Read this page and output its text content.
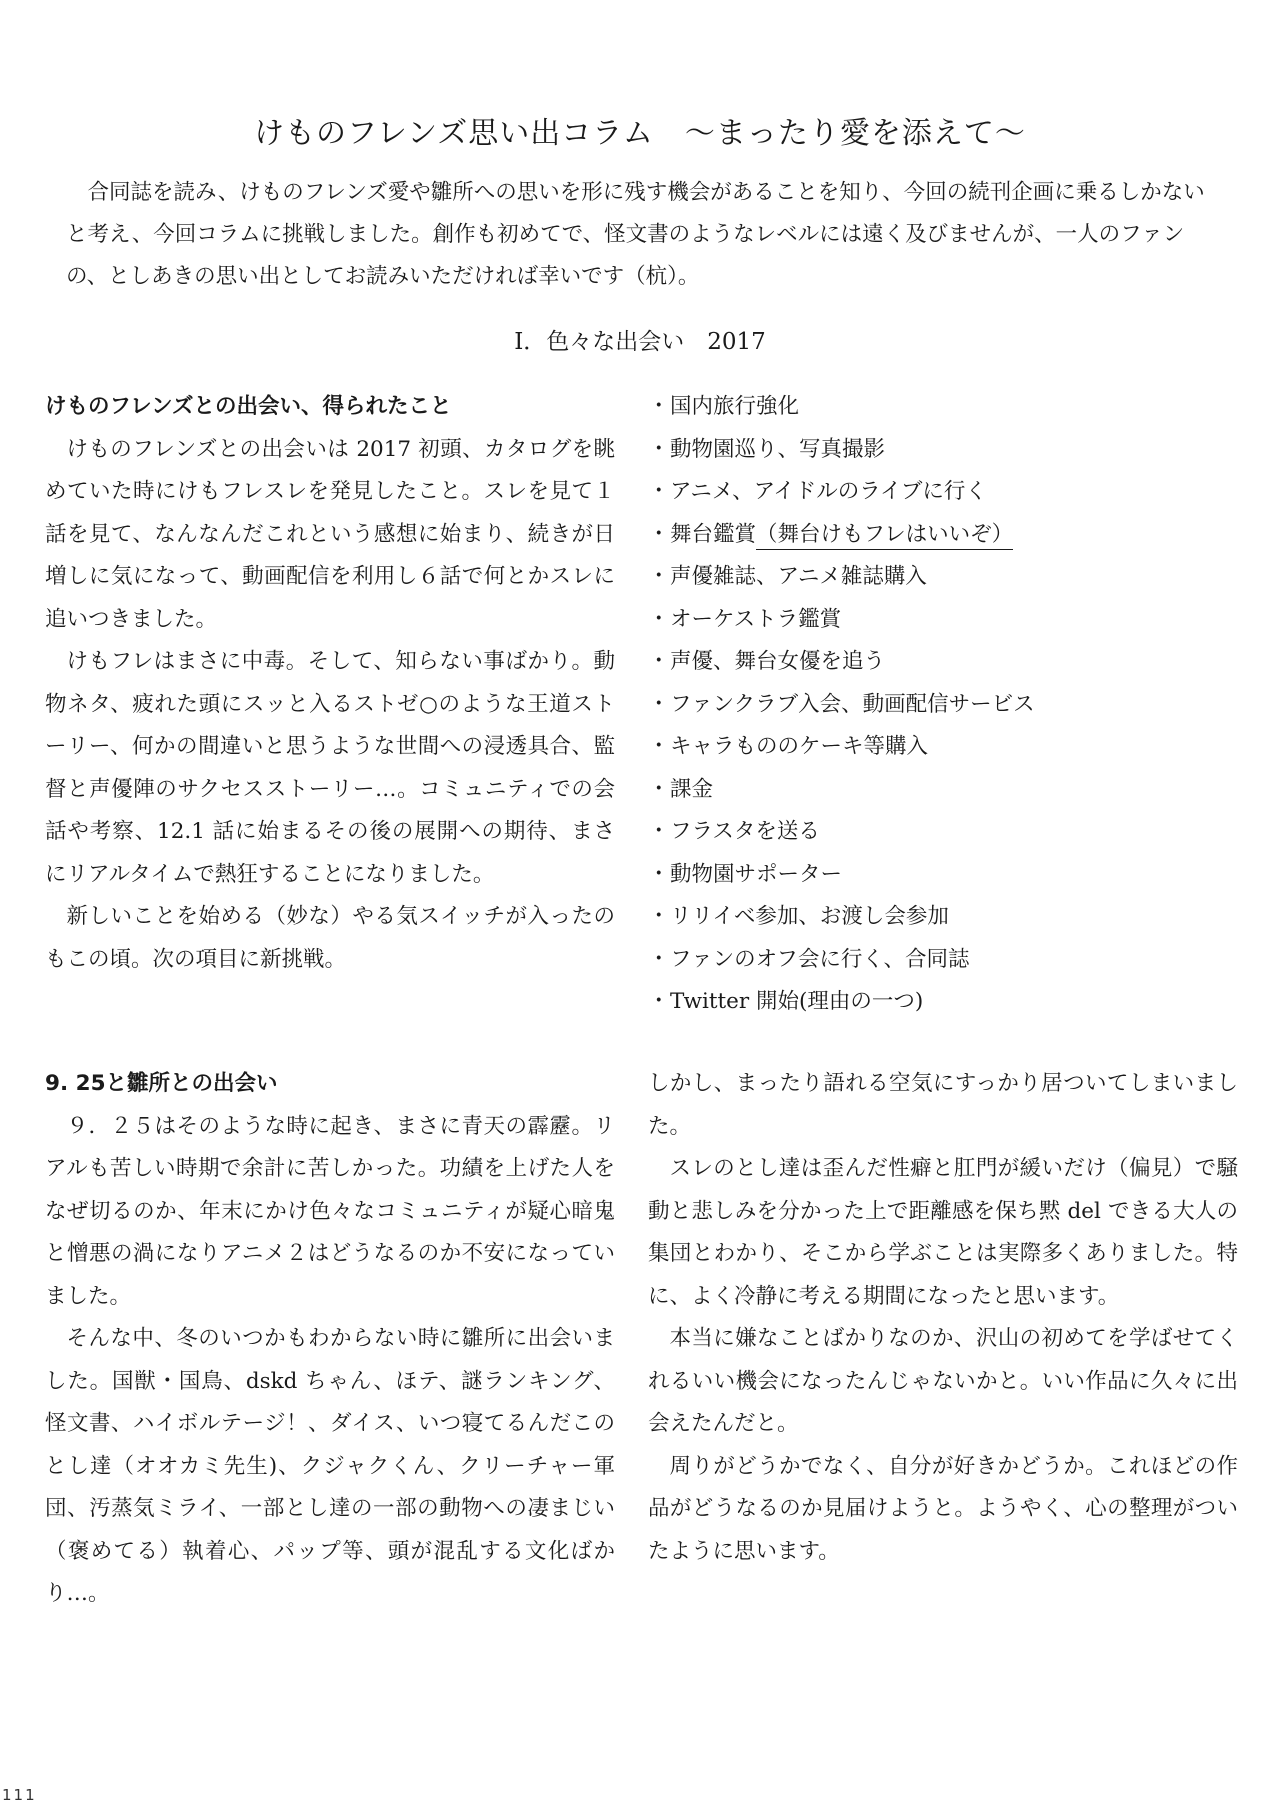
けものフレンズ思い出コラム　～まったり愛を添えて～

合同誌を読み、けものフレンズ愛や雛所への思いを形に残す機会があることを知り、今回の続刊企画に乗るしかないと考え、今回コラムに挑戦しました。創作も初めてで、怪文書のようなレベルには遠く及びませんが、一人のファンの、としあきの思い出としてお読みいただければ幸いです（杭）。

Ⅰ．色々な出会い　2017
けものフレンズとの出会い、得られたこと

けものフレンズとの出会いは 2017 初頭、カタログを眺めていた時にけもフレスレを発見したこと。スレを見て１話を見て、なんなんだこれという感想に始まり、続きが日増しに気になって、動画配信を利用し６話で何とかスレに追いつきました。

けもフレはまさに中毒。そして、知らない事ばかり。動物ネタ、疲れた頭にスッと入るストゼ○のような王道ストーリー、何かの間違いと思うような世間への浸透具合、監督と声優陣のサクセスストーリー…。コミュニティでの会話や考察、12.1 話に始まるその後の展開への期待、まさにリアルタイムで熱狂することになりました。

新しいことを始める（妙な）やる気スイッチが入ったのもこの頃。次の項目に新挑戦。

・国内旅行強化
・動物園巡り、写真撮影
・アニメ、アイドルのライブに行く
・舞台鑑賞（舞台けもフレはいいぞ）
・声優雑誌、アニメ雑誌購入
・オーケストラ鑑賞
・声優、舞台女優を追う
・ファンクラブ入会、動画配信サービス
・キャラもののケーキ等購入
・課金
・フラスタを送る
・動物園サポーター
・リリイベ参加、お渡し会参加
・ファンのオフ会に行く、合同誌
・Twitter 開始(理由の一つ)
9. 25と雛所との出会い

９．２５はそのような時に起き、まさに青天の霹靂。リアルも苦しい時期で余計に苦しかった。功績を上げた人をなぜ切るのか、年末にかけ色々なコミュニティが疑心暗鬼と憎悪の渦になりアニメ２はどうなるのか不安になっていました。

そんな中、冬のいつかもわからない時に雛所に出会いました。国獣・国鳥、dskd ちゃん、ほテ、謎ランキング、怪文書、ハイボルテージ！、ダイス、いつ寝てるんだこのとし達（オオカミ先生)、クジャクくん、クリーチャー軍団、汚蒸気ミライ、一部とし達の一部の動物への凄まじい（褒めてる）執着心、パップ等、頭が混乱する文化ばかり…。

しかし、まったり語れる空気にすっかり居ついてしまいました。

スレのとし達は歪んだ性癖と肛門が緩いだけ（偏見）で騒動と悲しみを分かった上で距離感を保ち黙 del できる大人の集団とわかり、そこから学ぶことは実際多くありました。特に、よく冷静に考える期間になったと思います。

本当に嫌なことばかりなのか、沢山の初めてを学ばせてくれるいい機会になったんじゃないかと。いい作品に久々に出会えたんだと。

周りがどうかでなく、自分が好きかどうか。これほどの作品がどうなるのか見届けようと。ようやく、心の整理がついたように思います。

111
